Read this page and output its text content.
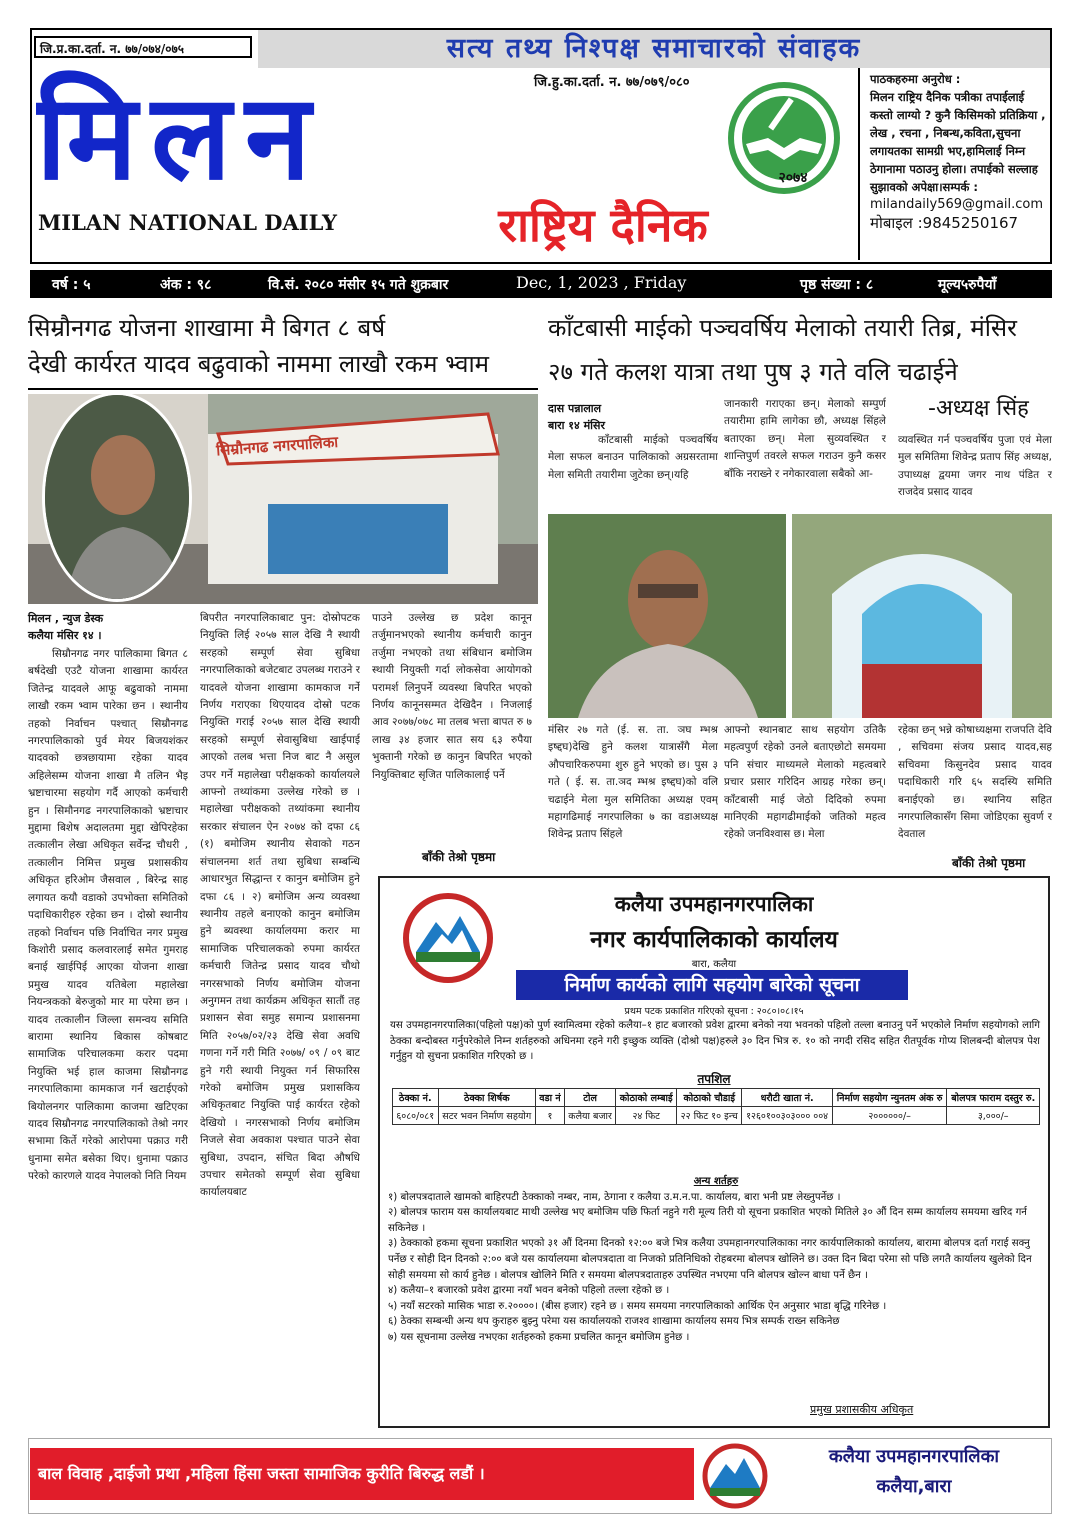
जि.प्र.का.दर्ता. न. ७७/०७४/०७५	सत्य तथ्य निश्पक्ष समाचारको संवाहक
जि.हु.का.दर्ता. न. ७७/०७९/०८०
मिलन
MILAN NATIONAL DAILY	राष्ट्रिय दैनिक
२०७४
पाठकहरुमा अनुरोध :
मिलन राष्ट्रिय दैनिक पत्रीका तपाईलाई कस्तो लाग्यो ? कुनै किसिमको प्रतिक्रिया , लेख , रचना , निबन्ध,कविता,सुचना लगायतका सामग्री भए,हामिलाई निम्न ठेगानामा पठाउनु होला। तपाईको सल्लाह सुझावको अपेक्षा।सम्पर्क :
milandaily569@gmail.com
मोबाइल :9845250167
वर्ष : ५	अंक : ९८	वि.सं. २०८० मंसीर १५ गते शुक्रबार	Dec, 1, 2023 , Friday	पृष्ठ संख्या : ८	मूल्य५रुपैयाँ
सिम्रौनगढ योजना शाखामा मै बिगत ८ बर्ष
देखी कार्यरत यादव बढुवाको नाममा लाखौ रकम भ्वाम
सिम्रौनगढ नगरपालिका
मिलन , न्युज डेस्क
कलैया मंसिर १४ ।
सिम्रौनगढ नगर पालिकामा बिगत ८ बर्षदेखी एउटै योजना शाखामा कार्यरत जितेन्द्र यादवले आफू बढुवाको नाममा लाखौ रकम भ्वाम पारेका छन । स्थानीय तहको निर्वाचन पश्चात् सिम्रौनगढ नगरपालिकाको पुर्व मेयर बिजयशंकर यादवको छत्रछायामा रहेका यादव अहिलेसम्म योजना शाखा मै तलिन भैइ भ्रष्टाचारमा सहयोग गर्दै आएको कर्मचारी हुन । सिमौनगढ नगरपालिकाको भ्रष्टाचार मुद्दामा बिशेष अदालतमा मुद्दा खेपिरहेका तत्कालीन लेखा अधिकृत सर्वेन्द्र चौधरी , तत्कालीन निमित्त प्रमुख प्रशासकीय अधिकृत हरिओम जैसवाल , बिरेन्द्र साह लगायत कयौ वडाको उपभोक्ता समितिको पदाधिकारीहरु रहेका छन । दोस्रो स्थानीय तहको निर्वाचन पछि निर्वाचित नगर प्रमुख किशोरी प्रसाद कलवारलाई समेत गुमराह बनाई खाईपिई आएका योजना शाखा प्रमुख यादव यतिबेला महालेखा नियन्त्रकको बेरुजुको मार मा परेमा छन । यादव तत्कालीन जिल्ला समन्वय समिति बारामा स्थानिय बिकास कोषबाट सामाजिक परिचालकमा करार पदमा नियुक्ति भई हाल काजमा सिम्रौनगढ नगरपालिकामा कामकाज गर्न खटाईएको बियोलनगर पालिकामा काजमा खटिएका यादव सिम्रौनगढ नगरपालिकाको तेश्रो नगर सभामा किर्ते गरेको आरोपमा पक्राउ गरी धुनामा समेत बसेका थिए। धुनामा पक्राउ परेको कारणले यादव नेपालको निति नियम
बिपरीत नगरपालिकाबाट पुन: दोस्रोपटक नियुक्ति लिई २०५७ साल देखि नै स्थायी सरहको सम्पूर्ण सेवा सुबिधा नगरपालिकाको बजेटबाट उपलब्ध गराउने र यादवले योजना शाखामा कामकाज गर्ने निर्णय गराएका थिएयादव दोस्रो पटक नियुक्ति गराई २०५७ साल देखि स्थायी सरहको सम्पूर्ण सेवासुबिधा खाईपाई आएको तलब भत्ता निज बाट नै असुल उपर गर्ने महालेखा परीक्षकको कार्यालयले आफ्नो तथ्यांकमा उल्लेख गरेको छ । महालेखा परीक्षकको तथ्यांकमा स्थानीय सरकार संचालन ऐन २०७४ को दफा ८६ (१) बमोजिम स्थानीय सेवाको गठन संचालनमा शर्त तथा सुबिधा सम्बन्धि आधारभुत सिद्धान्त र कानुन बमोजिम हुने दफा ८६ । २) बमोजिम अन्य व्यवस्था स्थानीय तहले बनाएको कानुन बमोजिम हुने ब्यवस्था कार्यालयमा करार मा सामाजिक परिचालकको रुपमा कार्यरत कर्मचारी जितेन्द्र प्रसाद यादव चौथो नगरसभाको निर्णय बमोजिम योजना अनुगमन तथा कार्यक्रम अधिकृत सातौं तह प्रशासन सेवा समुह समान्य प्रशासनमा मिति २०५७/०२/२३ देखि सेवा अवधि गणना गर्ने गरी मिति २०७७/ ०९ / ०९ बाट हुने गरी स्थायी नियुक्त गर्न सिफारिस गरेको बमोजिम प्रमुख प्रशासकिय अधिकृतबाट नियुक्ति पाई कार्यरत रहेको देखियो । नगरसभाको निर्णय बमोजिम निजले सेवा अवकाश पश्चात पाउने सेवा सुबिधा, उपदान, संचित बिदा औषधि उपचार समेतको सम्पूर्ण सेवा सुबिधा कार्यालयबाट
पाउने उल्लेख छ प्रदेश कानून तर्जुमानभएको स्थानीय कर्मचारी कानुन तर्जुमा नभएको तथा संबिधान बमोजिम स्थायी नियुक्ती गर्दा लोकसेवा आयोगको परामर्श लिनुपर्ने व्यवस्था बिपरित भएको निर्णय कानूनसम्मत देखिदैन । निजलाई आव २०७७/०७८ मा तलब भत्ता बापत रु ७ लाख ३४ हजार सात सय ६३ रुपैया भुक्तानी गरेको छ कानुन बिपरित भएको नियुक्तिबाट सृजित पालिकालाई पर्ने
बाँकी तेश्रो पृष्ठमा
काँटबासी माईको पञ्चवर्षिय मेलाको तयारी तिब्र, मंसिर
२७ गते कलश यात्रा तथा पुष ३ गते वलि चढाईने
-अध्यक्ष सिंह
दास पन्नालाल
बारा १४ मंसिर
काँटबासी माईको पञ्चवर्षिय मेला सफल बनाउन पालिकाको अग्रसरतामा मेला समिती तयारीमा जुटेका छन्।यहि
जानकारी गराएका छन्। मेलाको सम्पुर्ण तयारीमा हामि लागेका छौ, अध्यक्ष सिंहले बताएका छन्। मेला सुव्यवस्थित र शान्तिपुर्ण तवरले सफल गराउन कुनै कसर बाँकि नराख्ने र नगेकारवाला सबैको आ-
व्यवस्थित गर्न पञ्चवर्षिय पुजा एवं मेला मुल समितिमा शिवेन्द्र प्रताप सिंह अध्यक्ष, उपाध्यक्ष द्वयमा जगर नाथ पंडित र राजदेव प्रसाद यादव
मंसिर २७ गते (ई. स. ता. ञघ म्भश्र इष्द्दघ)देखि हुने कलश यात्रासँगै मेला औपचारिकरुपमा शुरु हुने भएको छ। पुस ३ गते ( ई. स. ता.ञद म्भश्र इष्द्दघ)को वलि चढाईने मेला मुल समितिका अध्यक्ष एवम् महागढिमाई नगरपालिका ७ का वडाअध्यक्ष शिवेन्द्र प्रताप सिंहले
आफ्नो स्थानबाट साथ सहयोग उतिकै महत्वपुर्ण रहेको उनले बताएछोटो समयमा पनि संचार माध्यमले मेलाको महत्वबारे प्रचार प्रसार गरिदिन आग्रह गरेका छन्। काँटबासी माई जेठो दिदिको रुपमा मानिएकी महागढीमाईको जतिको महत्व रहेको जनविश्वास छ। मेला
रहेका छन् भन्ने कोषाध्यक्षमा राजपति देवि , सचिवमा संजय प्रसाद यादव,सह सचिवमा किसुनदेव प्रसाद यादव पदाधिकारी गरि ६५ सदस्यि समिति बनाईएको छ। स्थानिय सहित नगरपालिकासँग सिमा जोडिएका सुवर्ण र देवताल
बाँकी तेश्रो पृष्ठमा
कलैया उपमहानगरपालिका
नगर कार्यपालिकाको कार्यालय
बारा, कलैया
निर्माण कार्यको लागि सहयोग बारेको सूचना
प्रथम पटक प्रकाशित गरिएको सूचना : २०८०।०८।१५
यस उपमहानगरपालिका(पहिलो पक्ष)को पुर्ण स्वामित्वमा रहेको कलैया–१ हाट बजारको प्रवेश द्वारमा बनेको नया भवनको पहिलो तल्ला बनाउनु पर्ने भएकोले निर्माण सहयोगको लागि ठेक्का बन्दोबस्त गर्नुपरेकोले निम्न शर्तहरुको अधिनमा रहने गरी इच्छुक व्यक्ति (दोश्रो पक्ष)हरुले ३० दिन भित्र रु. १० को नगदी रसिद सहित रीतपूर्वक गोप्य शिलबन्दी बोलपत्र पेश गर्नुहुन यो सुचना प्रकाशित गरिएको छ ।
तपशिल
ठेक्का नं.	ठेक्का शिर्षक	वडा नं	टोल	कोठाको लम्बाई	कोठाको चौडाई	धरौटी खाता नं.	निर्माण सहयोग न्युनतम अंक रु	बोलपत्र फाराम दस्तुर रु.
६०८०/०८१	सटर भवन निर्माण सहयोग	१	कलैया बजार	२४ फिट	२२ फिट १० इन्च	१२६०१००३०३००० ००४	२००००००/–	३,०००/–
अन्य शर्तहरु
१) बोलपत्रदाताले खामको बाहिरपटी ठेक्काको नम्बर, नाम, ठेगाना र कलैया उ.म.न.पा. कार्यालय, बारा भनी प्रष्ट लेख्नुपर्नेछ ।
२) बोलपत्र फाराम यस कार्यालयबाट माथी उल्लेख भए बमोजिम पछि फिर्ता नहुने गरी मूल्य तिरी यो सूचना प्रकाशित भएको मितिले ३० औं दिन सम्म कार्यालय समयमा खरिद गर्न सकिनेछ ।
३) ठेक्काको हकमा सूचना प्रकाशित भएको ३१ औं दिनमा दिनको १२:०० बजे भित्र कलैया उपमहानगरपालिकाका नगर कार्यपालिकाको कार्यालय, बारामा बोलपत्र दर्ता गराई सक्नु पर्नेछ र सोही दिन दिनको २:०० बजे यस कार्यालयमा बोलपत्रदाता वा निजको प्रतिनिधिको रोहबरमा बोलपत्र खोलिने छ। उक्त दिन बिदा परेमा सो पछि लगतै कार्यालय खुलेको दिन सोही समयमा सो कार्य हुनेछ । बोलपत्र खोलिने मिति र समयमा बोलपत्रदाताहरु उपस्थित नभएमा पनि बोलपत्र खोल्न बाधा पर्ने छैन ।
४) कलैया–१ बजारको प्रवेश द्वारमा नयाँ भवन बनेको पहिलो तल्ला रहेको छ ।
५) नयाँ सटरको मासिक भाडा रु.२००००। (बीस हजार) रहने छ । समय समयमा नगरपालिकाको आर्थिक ऐन अनुसार भाडा बृद्धि गरिनेछ ।
६) ठेक्का सम्बन्धी अन्य थप कुराहरु बुझ्नु परेमा यस कार्यालयको राजश्व शाखामा कार्यालय समय भित्र सम्पर्क राख्न सकिनेछ
७) यस सूचनामा उल्लेख नभएका शर्तहरुको हकमा प्रचलित कानून बमोजिम हुनेछ ।
प्रमुख प्रशासकीय अधिकृत
बाल विवाह ,दाईजो प्रथा ,महिला हिंसा जस्ता सामाजिक कुरीति बिरुद्ध लडौं ।
कलैया उपमहानगरपालिका
कलैया,बारा
